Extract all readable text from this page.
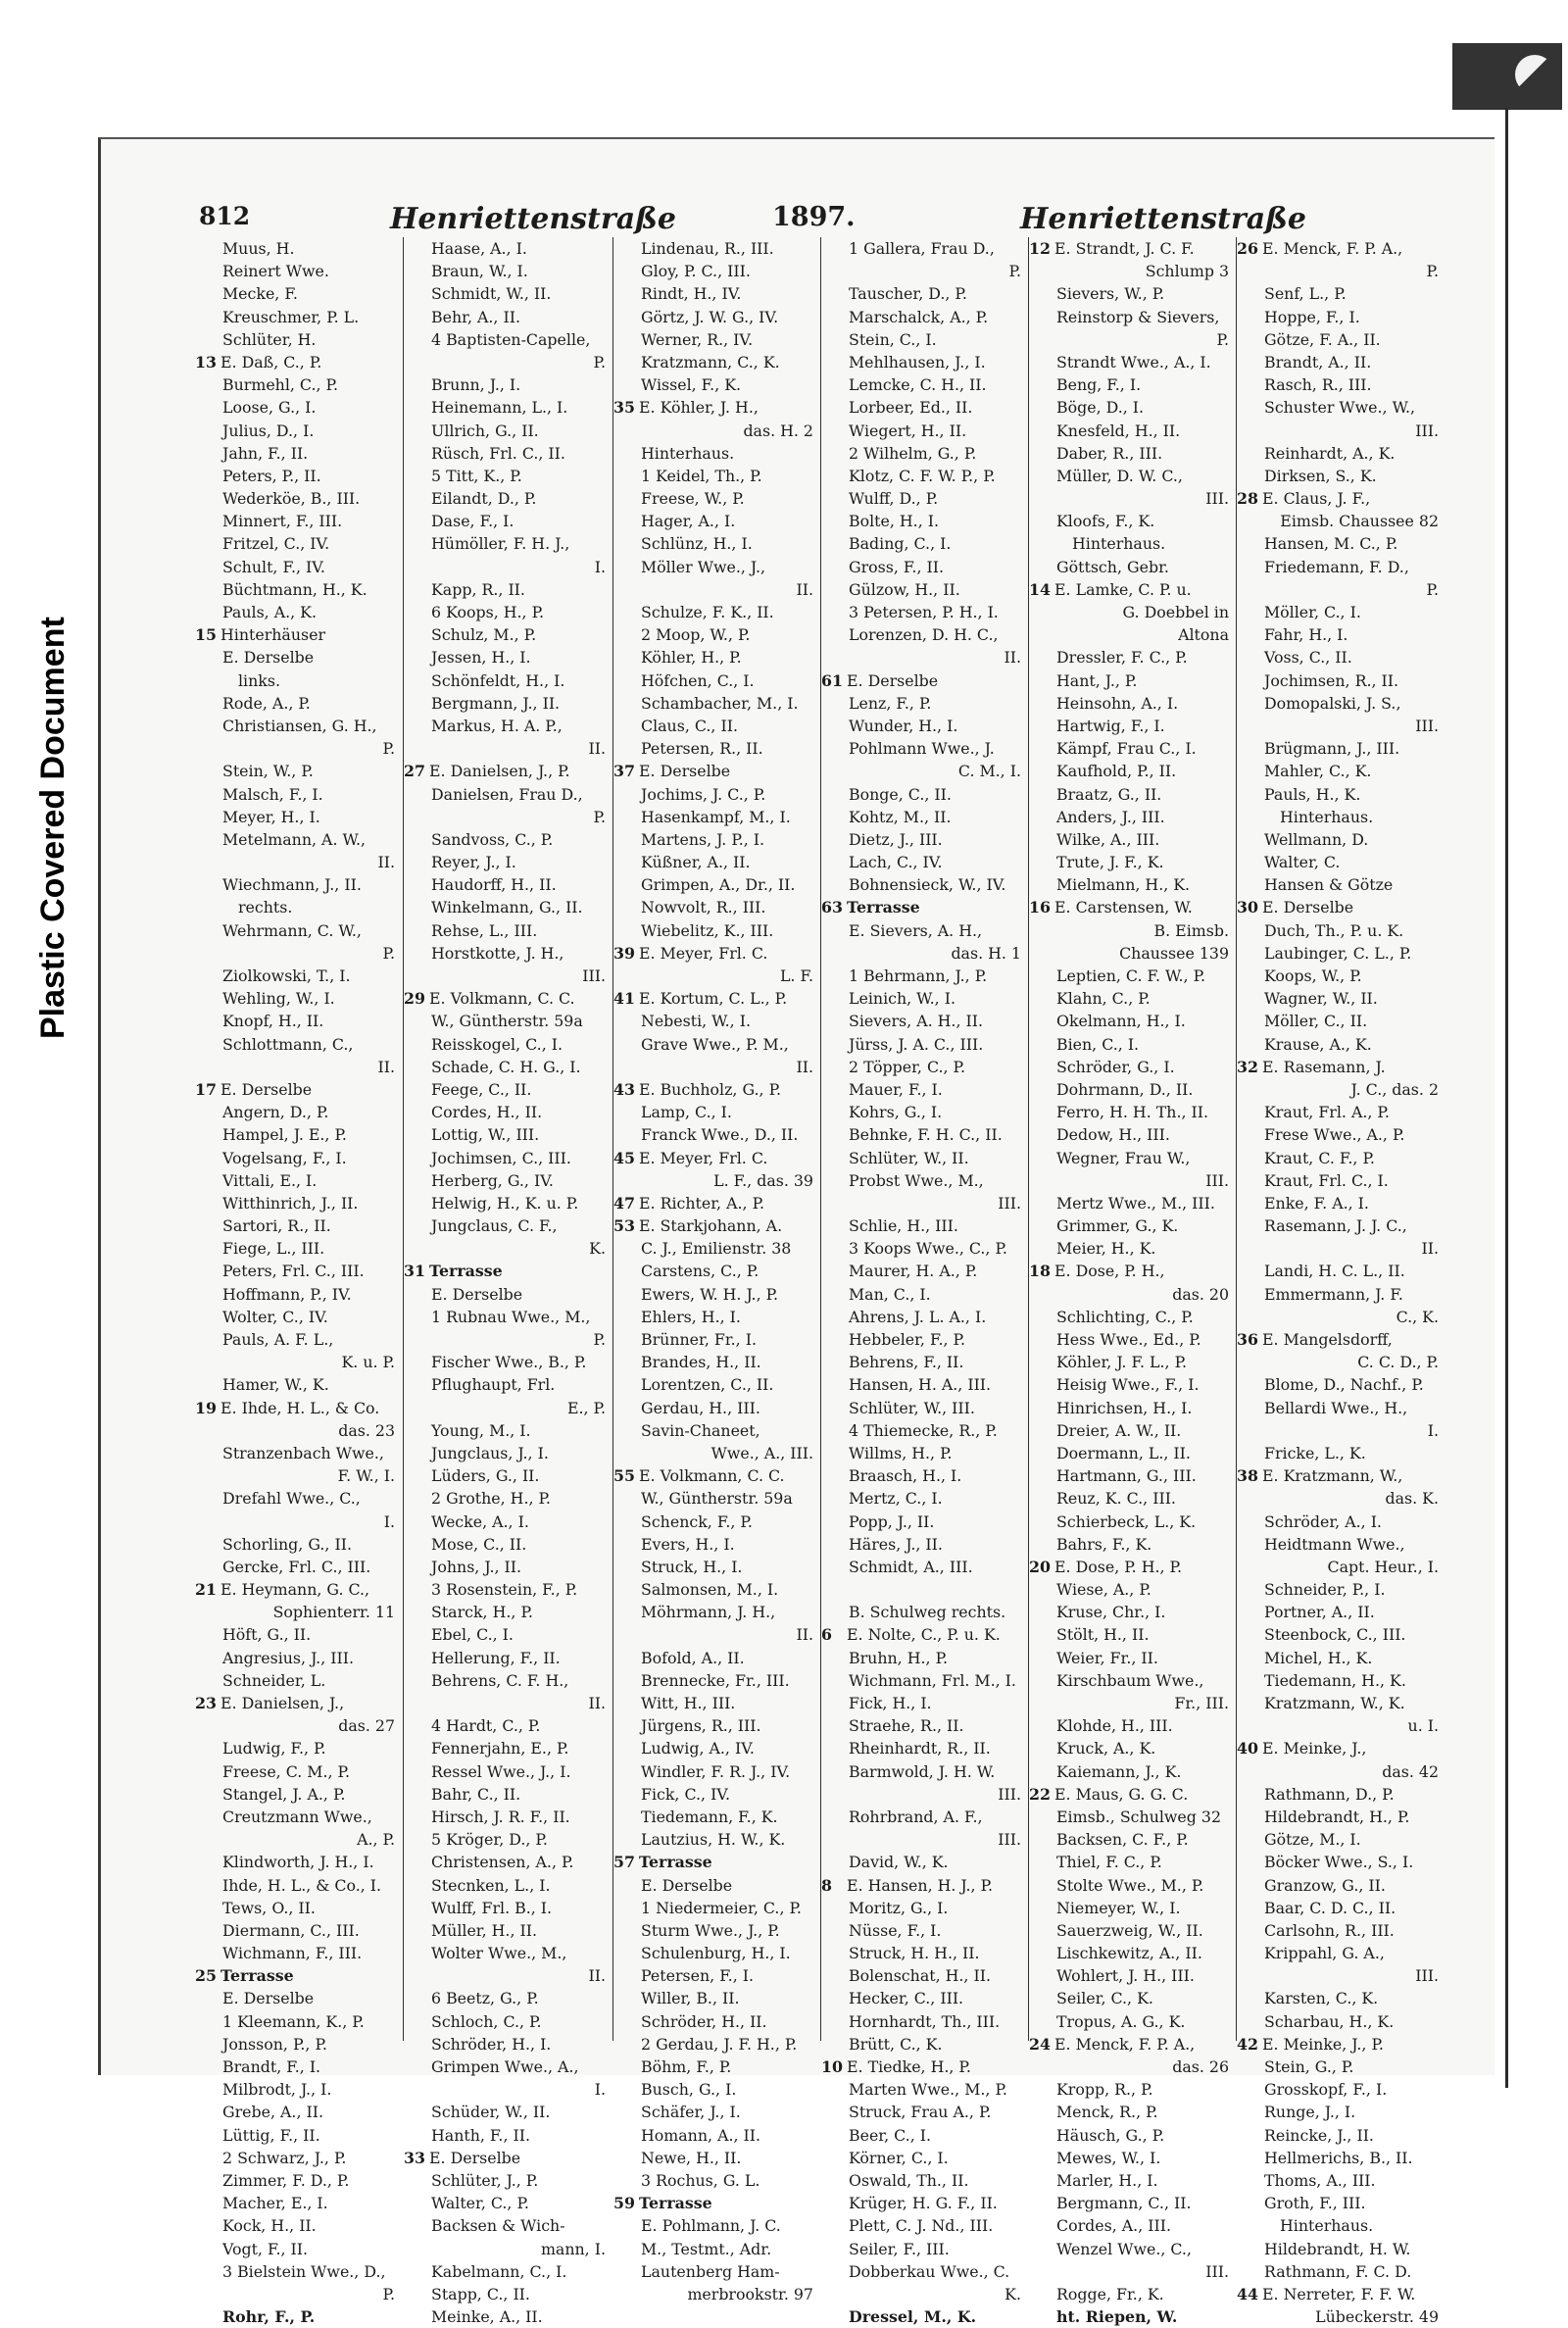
Plastic Covered Document
812	Henriettenstraße	1897.	Henriettenstraße
Muus, H.
Reinert Wwe.
Mecke, F.
Kreuschmer, P. L.
Schlüter, H.
13 E. Daß, C., P.
Burmehl, C., P.
Loose, G., I.
Julius, D., I.
Jahn, F., II.
Peters, P., II.
Wederköe, B., III.
Minnert, F., III.
Fritzel, C., IV.
Schult, F., IV.
Büchtmann, H., K.
Pauls, A., K.
15 Hinterhäuser
E. Derselbe
links.
Rode, A., P.
Christiansen, G. H.,
P.
Stein, W., P.
Malsch, F., I.
Meyer, H., I.
Metelmann, A. W.,
II.
Wiechmann, J., II.
rechts.
Wehrmann, C. W.,
P.
Ziolkowski, T., I.
Wehling, W., I.
Knopf, H., II.
Schlottmann, C.,
II.
17 E. Derselbe
Angern, D., P.
Hampel, J. E., P.
Vogelsang, F., I.
Vittali, E., I.
Witthinrich, J., II.
Sartori, R., II.
Fiege, L., III.
Peters, Frl. C., III.
Hoffmann, P., IV.
Wolter, C., IV.
Pauls, A. F. L.,
K. u. P.
Hamer, W., K.
19 E. Ihde, H. L., & Co.
das. 23
Stranzenbach Wwe.,
F. W., I.
Drefahl Wwe., C.,
I.
Schorling, G., II.
Gercke, Frl. C., III.
21 E. Heymann, G. C.,
Sophienterr. 11
Höft, G., II.
Angresius, J., III.
Schneider, L.
23 E. Danielsen, J.,
das. 27
Ludwig, F., P.
Freese, C. M., P.
Stangel, J. A., P.
Creutzmann Wwe.,
A., P.
Klindworth, J. H., I.
Ihde, H. L., & Co., I.
Tews, O., II.
Diermann, C., III.
Wichmann, F., III.
25 Terrasse
E. Derselbe
1 Kleemann, K., P.
Jonsson, P., P.
Brandt, F., I.
Milbrodt, J., I.
Grebe, A., II.
Lüttig, F., II.
2 Schwarz, J., P.
Zimmer, F. D., P.
Macher, E., I.
Kock, H., II.
Vogt, F., II.
3 Bielstein Wwe., D.,
P.
Rohr, F., P.
Haase, A., I.
Braun, W., I.
Schmidt, W., II.
Behr, A., II.
4 Baptisten-Capelle,
P.
Brunn, J., I.
Heinemann, L., I.
Ullrich, G., II.
Rüsch, Frl. C., II.
5 Titt, K., P.
Eilandt, D., P.
Dase, F., I.
Hümöller, F. H. J.,
I.
Kapp, R., II.
6 Koops, H., P.
Schulz, M., P.
Jessen, H., I.
Schönfeldt, H., I.
Bergmann, J., II.
Markus, H. A. P.,
II.
27 E. Danielsen, J., P.
Danielsen, Frau D.,
P.
Sandvoss, C., P.
Reyer, J., I.
Haudorff, H., II.
Winkelmann, G., II.
Rehse, L., III.
Horstkotte, J. H.,
III.
29 E. Volkmann, C. C.
W., Güntherstr. 59a
Reisskogel, C., I.
Schade, C. H. G., I.
Feege, C., II.
Cordes, H., II.
Lottig, W., III.
Jochimsen, C., III.
Herberg, G., IV.
Helwig, H., K. u. P.
Jungclaus, C. F.,
K.
31 Terrasse
E. Derselbe
1 Rubnau Wwe., M.,
P.
Fischer Wwe., B., P.
Pflughaupt, Frl.
E., P.
Young, M., I.
Jungclaus, J., I.
Lüders, G., II.
2 Grothe, H., P.
Wecke, A., I.
Mose, C., II.
Johns, J., II.
3 Rosenstein, F., P.
Starck, H., P.
Ebel, C., I.
Hellerung, F., II.
Behrens, C. F. H.,
II.
4 Hardt, C., P.
Fennerjahn, E., P.
Ressel Wwe., J., I.
Bahr, C., II.
Hirsch, J. R. F., II.
5 Kröger, D., P.
Christensen, A., P.
Stecnken, L., I.
Wulff, Frl. B., I.
Müller, H., II.
Wolter Wwe., M.,
II.
6 Beetz, G., P.
Schloch, C., P.
Schröder, H., I.
Grimpen Wwe., A.,
I.
Schüder, W., II.
Hanth, F., II.
33 E. Derselbe
Schlüter, J., P.
Walter, C., P.
Backsen & Wich-
mann, I.
Kabelmann, C., I.
Stapp, C., II.
Meinke, A., II.
Lindenau, R., III.
Gloy, P. C., III.
Rindt, H., IV.
Görtz, J. W. G., IV.
Werner, R., IV.
Kratzmann, C., K.
Wissel, F., K.
35 E. Köhler, J. H.,
das. H. 2
Hinterhaus.
1 Keidel, Th., P.
Freese, W., P.
Hager, A., I.
Schlünz, H., I.
Möller Wwe., J.,
II.
Schulze, F. K., II.
2 Moop, W., P.
Köhler, H., P.
Höfchen, C., I.
Schambacher, M., I.
Claus, C., II.
Petersen, R., II.
37 E. Derselbe
Jochims, J. C., P.
Hasenkampf, M., I.
Martens, J. P., I.
Küßner, A., II.
Grimpen, A., Dr., II.
Nowvolt, R., III.
Wiebelitz, K., III.
39 E. Meyer, Frl. C.
L. F.
41 E. Kortum, C. L., P.
Nebesti, W., I.
Grave Wwe., P. M.,
II.
43 E. Buchholz, G., P.
Lamp, C., I.
Franck Wwe., D., II.
45 E. Meyer, Frl. C.
L. F., das. 39
47 E. Richter, A., P.
53 E. Starkjohann, A.
C. J., Emilienstr. 38
Carstens, C., P.
Ewers, W. H. J., P.
Ehlers, H., I.
Brünner, Fr., I.
Brandes, H., II.
Lorentzen, C., II.
Gerdau, H., III.
Savin-Chaneet,
Wwe., A., III.
55 E. Volkmann, C. C.
W., Güntherstr. 59a
Schenck, F., P.
Evers, H., I.
Struck, H., I.
Salmonsen, M., I.
Möhrmann, J. H.,
II.
Bofold, A., II.
Brennecke, Fr., III.
Witt, H., III.
Jürgens, R., III.
Ludwig, A., IV.
Windler, F. R. J., IV.
Fick, C., IV.
Tiedemann, F., K.
Lautzius, H. W., K.
57 Terrasse
E. Derselbe
1 Niedermeier, C., P.
Sturm Wwe., J., P.
Schulenburg, H., I.
Petersen, F., I.
Willer, B., II.
Schröder, H., II.
2 Gerdau, J. F. H., P.
Böhm, F., P.
Busch, G., I.
Schäfer, J., I.
Homann, A., II.
Newe, H., II.
3 Rochus, G. L.
59 Terrasse
E. Pohlmann, J. C.
M., Testmt., Adr.
Lautenberg Ham-
merbrookstr. 97
1 Gallera, Frau D.,
P.
Tauscher, D., P.
Marschalck, A., P.
Stein, C., I.
Mehlhausen, J., I.
Lemcke, C. H., II.
Lorbeer, Ed., II.
Wiegert, H., II.
2 Wilhelm, G., P.
Klotz, C. F. W. P., P.
Wulff, D., P.
Bolte, H., I.
Bading, C., I.
Gross, F., II.
Gülzow, H., II.
3 Petersen, P. H., I.
Lorenzen, D. H. C.,
II.
61 E. Derselbe
Lenz, F., P.
Wunder, H., I.
Pohlmann Wwe., J.
C. M., I.
Bonge, C., II.
Kohtz, M., II.
Dietz, J., III.
Lach, C., IV.
Bohnensieck, W., IV.
63 Terrasse
E. Sievers, A. H.,
das. H. 1
1 Behrmann, J., P.
Leinich, W., I.
Sievers, A. H., II.
Jürss, J. A. C., III.
2 Töpper, C., P.
Mauer, F., I.
Kohrs, G., I.
Behnke, F. H. C., II.
Schlüter, W., II.
Probst Wwe., M.,
III.
Schlie, H., III.
3 Koops Wwe., C., P.
Maurer, H. A., P.
Man, C., I.
Ahrens, J. L. A., I.
Hebbeler, F., P.
Behrens, F., II.
Hansen, H. A., III.
Schlüter, W., III.
4 Thiemecke, R., P.
Willms, H., P.
Braasch, H., I.
Mertz, C., I.
Popp, J., II.
Häres, J., II.
Schmidt, A., III.
B. Schulweg rechts.
6 E. Nolte, C., P. u. K.
Bruhn, H., P.
Wichmann, Frl. M., I.
Fick, H., I.
Straehe, R., II.
Rheinhardt, R., II.
Barmwold, J. H. W.
III.
Rohrbrand, A. F.,
III.
David, W., K.
8 E. Hansen, H. J., P.
Moritz, G., I.
Nüsse, F., I.
Struck, H. H., II.
Bolenschat, H., II.
Hecker, C., III.
Hornhardt, Th., III.
Brütt, C., K.
10 E. Tiedke, H., P.
Marten Wwe., M., P.
Struck, Frau A., P.
Beer, C., I.
Körner, C., I.
Oswald, Th., II.
Krüger, H. G. F., II.
Plett, C. J. Nd., III.
Seiler, F., III.
Dobberkau Wwe., C.
K.
Dressel, M., K.
12 E. Strandt, J. C. F.
Schlump 3
Sievers, W., P.
Reinstorp & Sievers,
P.
Strandt Wwe., A., I.
Beng, F., I.
Böge, D., I.
Knesfeld, H., II.
Daber, R., III.
Müller, D. W. C.,
III.
Kloofs, F., K.
Hinterhaus.
Göttsch, Gebr.
14 E. Lamke, C. P. u.
G. Doebbel in
Altona
Dressler, F. C., P.
Hant, J., P.
Heinsohn, A., I.
Hartwig, F., I.
Kämpf, Frau C., I.
Kaufhold, P., II.
Braatz, G., II.
Anders, J., III.
Wilke, A., III.
Trute, J. F., K.
Mielmann, H., K.
16 E. Carstensen, W.
B. Eimsb.
Chaussee 139
Leptien, C. F. W., P.
Klahn, C., P.
Okelmann, H., I.
Bien, C., I.
Schröder, G., I.
Dohrmann, D., II.
Ferro, H. H. Th., II.
Dedow, H., III.
Wegner, Frau W.,
III.
Mertz Wwe., M., III.
Grimmer, G., K.
Meier, H., K.
18 E. Dose, P. H.,
das. 20
Schlichting, C., P.
Hess Wwe., Ed., P.
Köhler, J. F. L., P.
Heisig Wwe., F., I.
Hinrichsen, H., I.
Dreier, A. W., II.
Doermann, L., II.
Hartmann, G., III.
Reuz, K. C., III.
Schierbeck, L., K.
Bahrs, F., K.
20 E. Dose, P. H., P.
Wiese, A., P.
Kruse, Chr., I.
Stölt, H., II.
Weier, Fr., II.
Kirschbaum Wwe.,
Fr., III.
Klohde, H., III.
Kruck, A., K.
Kaiemann, J., K.
22 E. Maus, G. G. C.
Eimsb., Schulweg 32
Backsen, C. F., P.
Thiel, F. C., P.
Stolte Wwe., M., P.
Niemeyer, W., I.
Sauerzweig, W., II.
Lischkewitz, A., II.
Wohlert, J. H., III.
Seiler, C., K.
Tropus, A. G., K.
24 E. Menck, F. P. A.,
das. 26
Kropp, R., P.
Menck, R., P.
Häusch, G., P.
Mewes, W., I.
Marler, H., I.
Bergmann, C., II.
Cordes, A., III.
Wenzel Wwe., C.,
III.
Rogge, Fr., K.
ht. Riepen, W.
26 E. Menck, F. P. A.,
P.
Senf, L., P.
Hoppe, F., I.
Götze, F. A., II.
Brandt, A., II.
Rasch, R., III.
Schuster Wwe., W.,
III.
Reinhardt, A., K.
Dirksen, S., K.
28 E. Claus, J. F.,
Eimsb. Chaussee 82
Hansen, M. C., P.
Friedemann, F. D.,
P.
Möller, C., I.
Fahr, H., I.
Voss, C., II.
Jochimsen, R., II.
Domopalski, J. S.,
III.
Brügmann, J., III.
Mahler, C., K.
Pauls, H., K.
Hinterhaus.
Wellmann, D.
Walter, C.
Hansen & Götze
30 E. Derselbe
Duch, Th., P. u. K.
Laubinger, C. L., P.
Koops, W., P.
Wagner, W., II.
Möller, C., II.
Krause, A., K.
32 E. Rasemann, J.
J. C., das. 2
Kraut, Frl. A., P.
Frese Wwe., A., P.
Kraut, C. F., P.
Kraut, Frl. C., I.
Enke, F. A., I.
Rasemann, J. J. C.,
II.
Landi, H. C. L., II.
Emmermann, J. F.
C., K.
36 E. Mangelsdorff,
C. C. D., P.
Blome, D., Nachf., P.
Bellardi Wwe., H.,
I.
Fricke, L., K.
38 E. Kratzmann, W.,
das. K.
Schröder, A., I.
Heidtmann Wwe.,
Capt. Heur., I.
Schneider, P., I.
Portner, A., II.
Steenbock, C., III.
Michel, H., K.
Tiedemann, H., K.
Kratzmann, W., K.
u. I.
40 E. Meinke, J.,
das. 42
Rathmann, D., P.
Hildebrandt, H., P.
Götze, M., I.
Böcker Wwe., S., I.
Granzow, G., II.
Baar, C. D. C., II.
Carlsohn, R., III.
Krippahl, G. A.,
III.
Karsten, C., K.
Scharbau, H., K.
42 E. Meinke, J., P.
Stein, G., P.
Grosskopf, F., I.
Runge, J., I.
Reincke, J., II.
Hellmerichs, B., II.
Thoms, A., III.
Groth, F., III.
Hinterhaus.
Hildebrandt, H. W.
Rathmann, F. C. D.
44 E. Nerreter, F. F. W.
Lübeckerstr. 49
